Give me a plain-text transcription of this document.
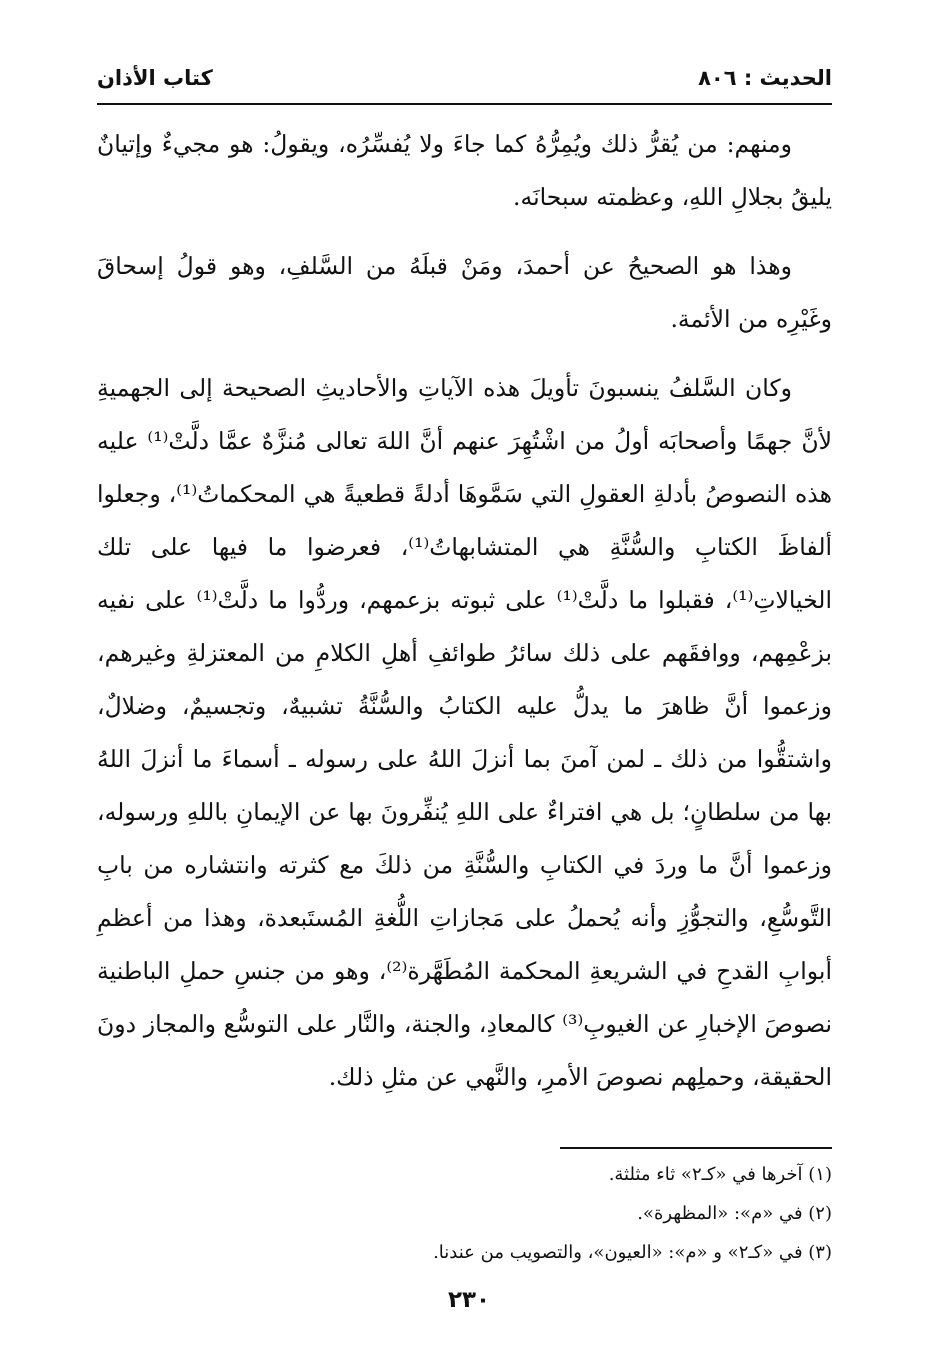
الحديث : ٨٠٦
كتاب الأذان

ومنهم: من يُقرُّ ذلك ويُمِرُّهُ كما جاءَ ولا يُفسِّرُه، ويقولُ: هو مجيءٌ وإتيانٌ يليقُ بجلالِ اللهِ، وعظمته سبحانَه.

وهذا هو الصحيحُ عن أحمدَ، ومَنْ قبلَهُ من السَّلفِ، وهو قولُ إسحاقَ وغَيْرِه من الأئمة.

وكان السَّلفُ ينسبونَ تأويلَ هذه الآياتِ والأحاديثِ الصحيحة إلى الجهميةِ لأنَّ جهمًا وأصحابَه أولُ من اشْتُهِرَ عنهم أنَّ اللهَ تعالى مُنزَّهٌ عمَّا دلَّتْ⁽¹⁾ عليه هذه النصوصُ بأدلةِ العقولِ التي سَمَّوهَا أدلةً قطعيةً هي المحكماتُ⁽¹⁾، وجعلوا ألفاظَ الكتابِ والسُّنَّةِ هي المتشابهاتُ⁽¹⁾، فعرضوا ما فيها على تلك الخيالاتِ⁽¹⁾، فقبلوا ما دلَّتْ⁽¹⁾ على ثبوته بزعمهم، وردُّوا ما دلَّتْ⁽¹⁾ على نفيه بزعْمِهم، ووافقَهم على ذلك سائرُ طوائفِ أهلِ الكلامِ من المعتزلةِ وغيرهم، وزعموا أنَّ ظاهرَ ما يدلُّ عليه الكتابُ والسُّنَّةُ تشبيهٌ، وتجسيمٌ، وضلالٌ، واشتقُّوا من ذلك ـ لمن آمنَ بما أنزلَ اللهُ على رسوله ـ أسماءَ ما أنزلَ اللهُ بها من سلطانٍ؛ بل هي افتراءٌ على اللهِ يُنفِّرونَ بها عن الإيمانِ باللهِ ورسوله، وزعموا أنَّ ما وردَ في الكتابِ والسُّنَّةِ من ذلكَ مع كثرته وانتشاره من بابِ التَّوسُّعِ، والتجوُّزِ وأنه يُحملُ على مَجازاتِ اللُّغةِ المُستَبعدة، وهذا من أعظمِ أبوابِ القدحِ في الشريعةِ المحكمة المُطَهَّرة⁽²⁾، وهو من جنسِ حملِ الباطنية نصوصَ الإخبارِ عن الغيوبِ⁽³⁾ كالمعادِ، والجنة، والنَّار على التوسُّع والمجاز دونَ الحقيقة، وحملِهم نصوصَ الأمرِ، والنَّهي عن مثلِ ذلك.

(١) آخرها في «كـ٢» ثاء مثلثة.
(٢) في «م»: «المظهرة».
(٣) في «كـ٢» و «م»: «العيون»، والتصويب من عندنا.
٢٣٠
